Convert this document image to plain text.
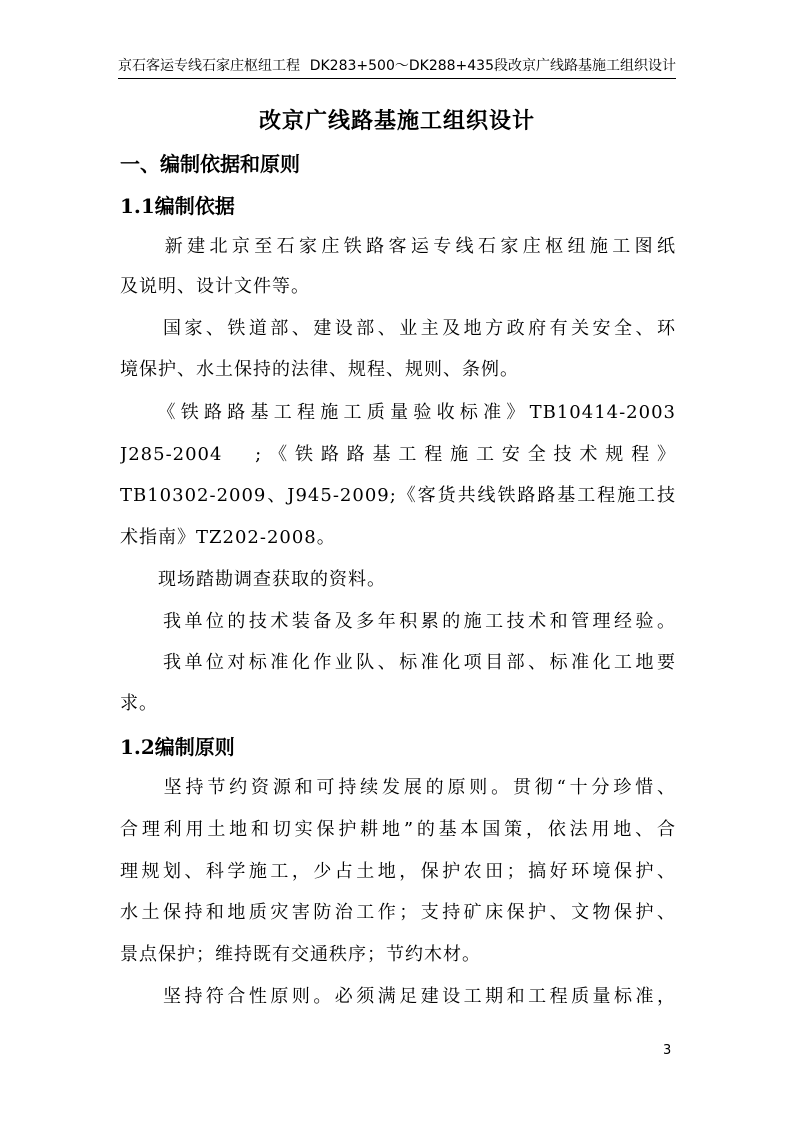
京石客运专线石家庄枢纽工程 DK283+500～DK288+435段改京广线路基施工组织设计
改京广线路基施工组织设计
一、编制依据和原则
1.1编制依据
　　新建北京至石家庄铁路客运专线石家庄枢纽施工图纸
及说明、设计文件等。
　　国家、铁道部、建设部、业主及地方政府有关安全、环
境保护、水土保持的法律、规程、规则、条例。
　　《铁路路基工程施工质量验收标准》TB10414-2003
J285-2004　;《铁路路基工程施工安全技术规程》
TB10302-2009、J945-2009;《客货共线铁路路基工程施工技
术指南》TZ202-2008。
　　现场踏勘调查获取的资料。
　　我单位的技术装备及多年积累的施工技术和管理经验。
　　我单位对标准化作业队、标准化项目部、标准化工地要
求。
1.2编制原则
　　坚持节约资源和可持续发展的原则。贯彻“十分珍惜、
合理利用土地和切实保护耕地”的基本国策，依法用地、合
理规划、科学施工，少占土地，保护农田；搞好环境保护、
水土保持和地质灾害防治工作；支持矿床保护、文物保护、
景点保护；维持既有交通秩序；节约木材。
　　坚持符合性原则。必须满足建设工期和工程质量标准，
3
